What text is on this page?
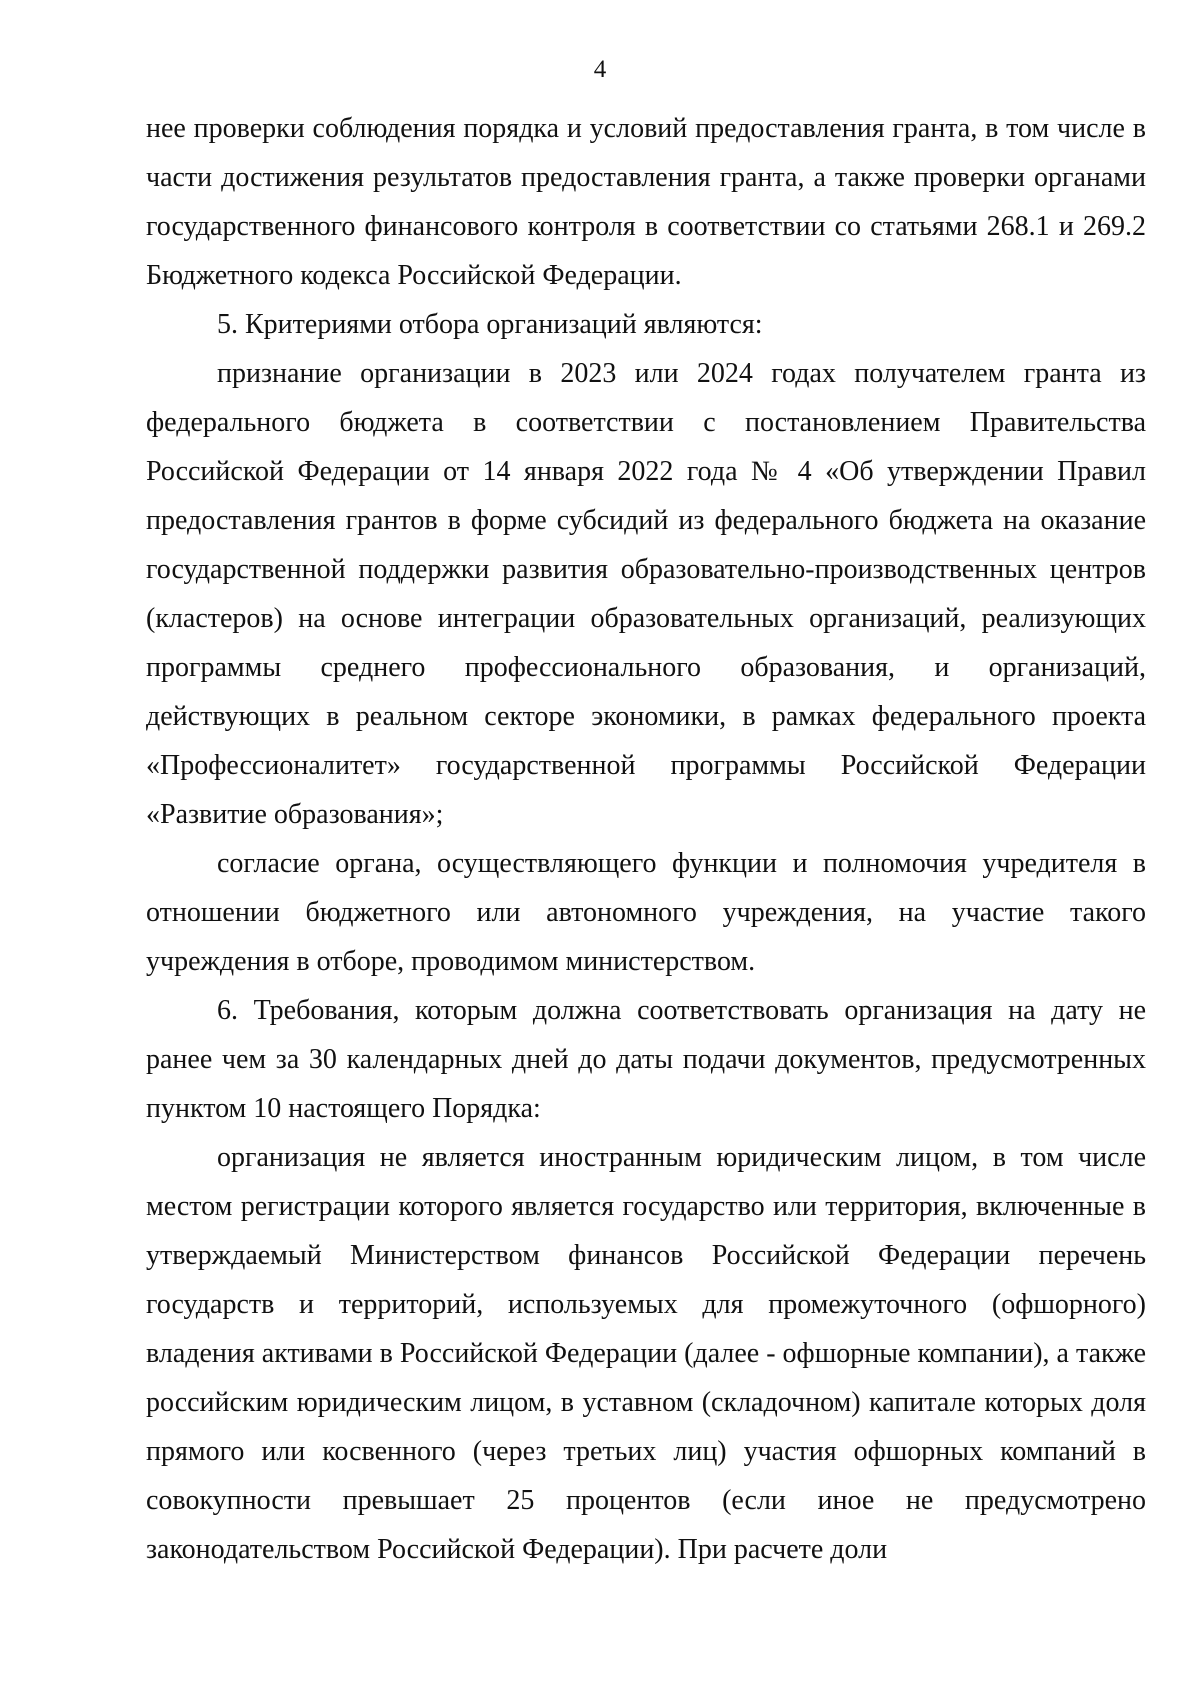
4

нее проверки соблюдения порядка и условий предоставления гранта, в том числе в части достижения результатов предоставления гранта, а также проверки органами государственного финансового контроля в соответствии со статьями 268.1 и 269.2 Бюджетного кодекса Российской Федерации.

5. Критериями отбора организаций являются:

признание организации в 2023 или 2024 годах получателем гранта из федерального бюджета в соответствии с постановлением Правительства Российской Федерации от 14 января 2022 года № 4 «Об утверждении Правил предоставления грантов в форме субсидий из федерального бюджета на оказание государственной поддержки развития образовательно-производственных центров (кластеров) на основе интеграции образовательных организаций, реализующих программы среднего профессионального образования, и организаций, действующих в реальном секторе экономики, в рамках федерального проекта «Профессионалитет» государственной программы Российской Федерации «Развитие образования»;

согласие органа, осуществляющего функции и полномочия учредителя в отношении бюджетного или автономного учреждения, на участие такого учреждения в отборе, проводимом министерством.

6. Требования, которым должна соответствовать организация на дату не ранее чем за 30 календарных дней до даты подачи документов, предусмотренных пунктом 10 настоящего Порядка:

организация не является иностранным юридическим лицом, в том числе местом регистрации которого является государство или территория, включенные в утверждаемый Министерством финансов Российской Федерации перечень государств и территорий, используемых для промежуточного (офшорного) владения активами в Российской Федерации (далее - офшорные компании), а также российским юридическим лицом, в уставном (складочном) капитале которых доля прямого или косвенного (через третьих лиц) участия офшорных компаний в совокупности превышает 25 процентов (если иное не предусмотрено законодательством Российской Федерации). При расчете доли
